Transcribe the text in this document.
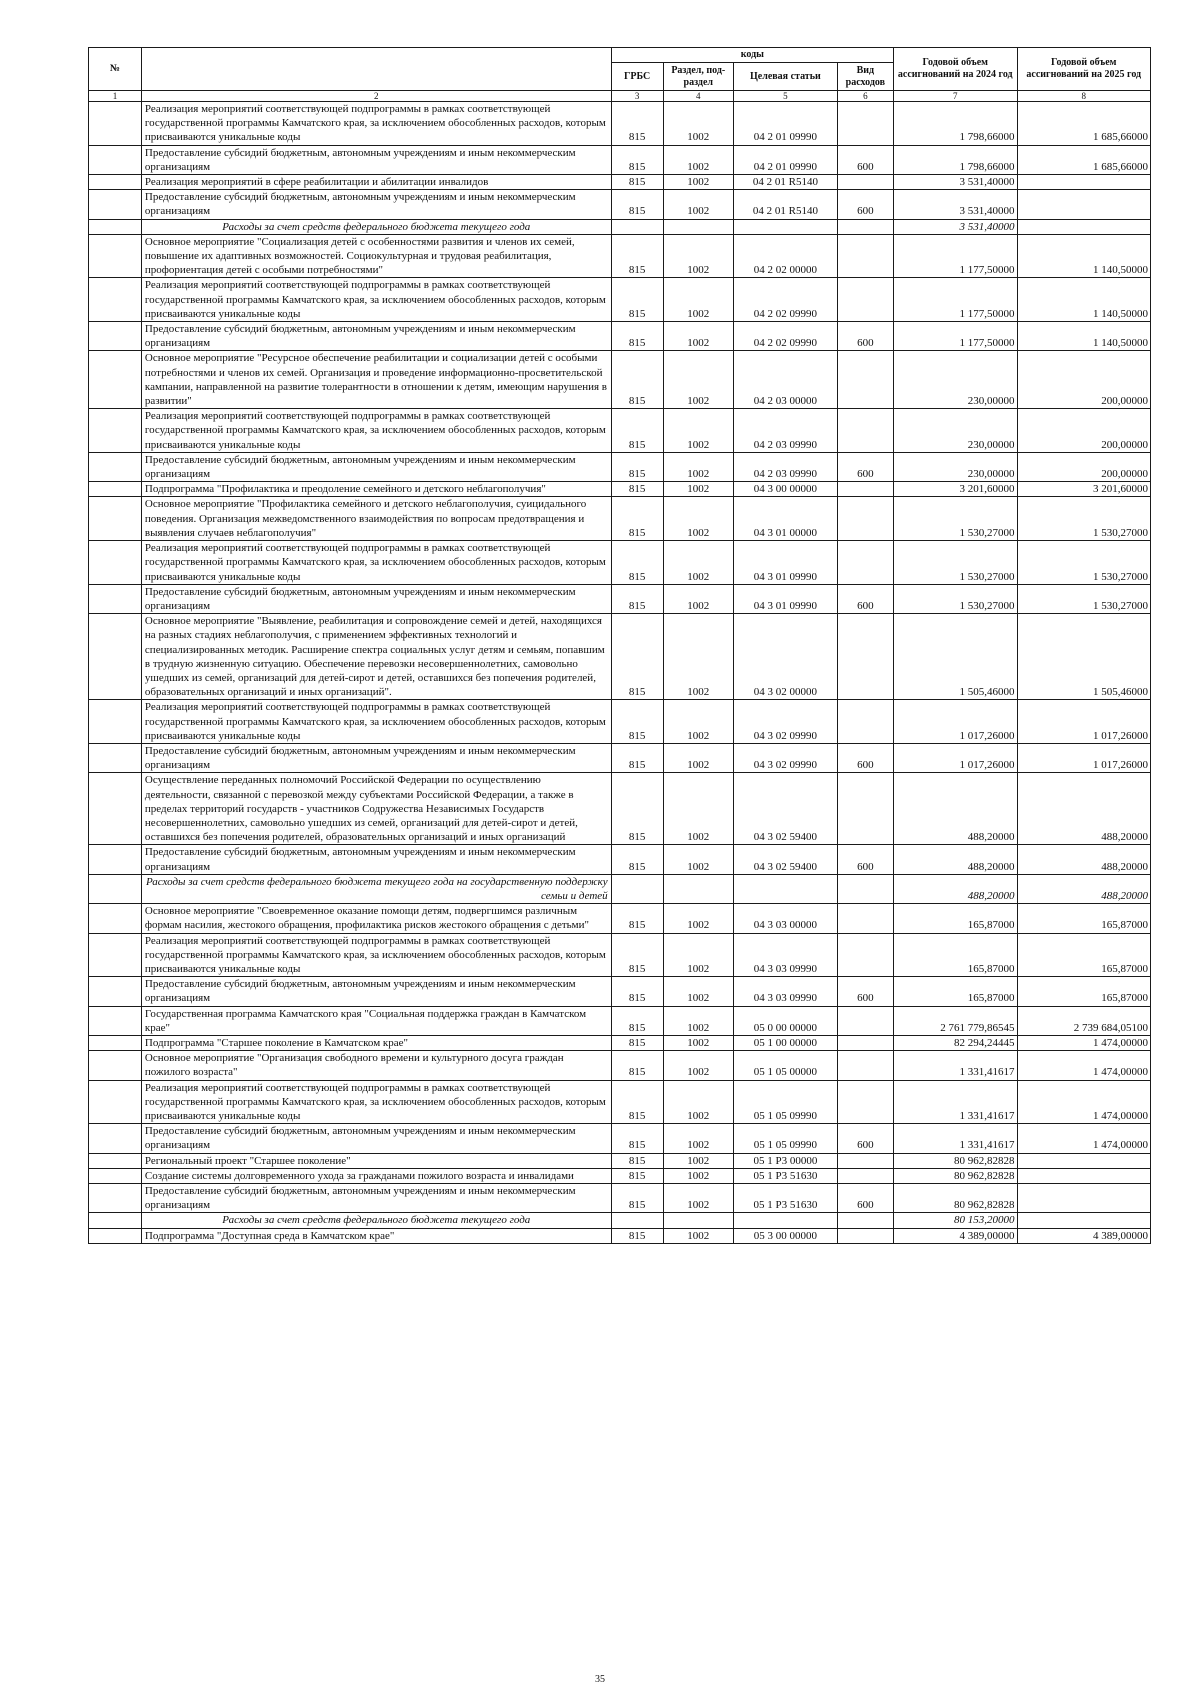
№		коды				Годовой объем ассигнований на 2024 год	Годовой объем ассигнований на 2025 год
		ГРБС	Раздел, под-раздел	Целевая статьи	Вид расходов		
1	2	3	4	5	6	7	8
	Реализация мероприятий соответствующей подпрограммы в рамках соответствующей государственной программы Камчатского края, за исключением обособленных расходов, которым присваиваются уникальные коды	815	1002	04 2 01 09990		1 798,66000	1 685,66000
	Предоставление субсидий бюджетным, автономным учреждениям и иным некоммерческим организациям	815	1002	04 2 01 09990	600	1 798,66000	1 685,66000
	Реализация мероприятий в сфере реабилитации и абилитации инвалидов	815	1002	04 2 01 R5140		3 531,40000	
	Предоставление субсидий бюджетным, автономным учреждениям и иным некоммерческим организациям	815	1002	04 2 01 R5140	600	3 531,40000	
	Расходы за счет средств федерального бюджета текущего года					3 531,40000	
	Основное мероприятие "Социализация детей с особенностями развития и членов их семей, повышение их адаптивных возможностей. Социокультурная и трудовая реабилитация, профориентация детей с особыми потребностями"	815	1002	04 2 02 00000		1 177,50000	1 140,50000
	Реализация мероприятий соответствующей подпрограммы в рамках соответствующей государственной программы Камчатского края, за исключением обособленных расходов, которым присваиваются уникальные коды	815	1002	04 2 02 09990		1 177,50000	1 140,50000
	Предоставление субсидий бюджетным, автономным учреждениям и иным некоммерческим организациям	815	1002	04 2 02 09990	600	1 177,50000	1 140,50000
	Основное мероприятие "Ресурсное обеспечение реабилитации и социализации детей с особыми потребностями и членов их семей. Организация и проведение информационно-просветительской кампании, направленной на развитие толерантности в отношении к детям, имеющим нарушения в развитии"	815	1002	04 2 03 00000		230,00000	200,00000
	Реализация мероприятий соответствующей подпрограммы в рамках соответствующей государственной программы Камчатского края, за исключением обособленных расходов, которым присваиваются уникальные коды	815	1002	04 2 03 09990		230,00000	200,00000
	Предоставление субсидий бюджетным, автономным учреждениям и иным некоммерческим организациям	815	1002	04 2 03 09990	600	230,00000	200,00000
	Подпрограмма "Профилактика и преодоление семейного и детского неблагополучия"	815	1002	04 3 00 00000		3 201,60000	3 201,60000
	Основное мероприятие "Профилактика семейного и детского неблагополучия, суицидального поведения. Организация межведомственного взаимодействия по вопросам предотвращения и выявления случаев неблагополучия"	815	1002	04 3 01 00000		1 530,27000	1 530,27000
	Реализация мероприятий соответствующей подпрограммы в рамках соответствующей государственной программы Камчатского края, за исключением обособленных расходов, которым присваиваются уникальные коды	815	1002	04 3 01 09990		1 530,27000	1 530,27000
	Предоставление субсидий бюджетным, автономным учреждениям и иным некоммерческим организациям	815	1002	04 3 01 09990	600	1 530,27000	1 530,27000
	Основное мероприятие "Выявление, реабилитация и сопровождение семей и детей, находящихся на разных стадиях неблагополучия, с применением эффективных технологий и специализированных методик. Расширение спектра социальных услуг детям и семьям, попавшим в трудную жизненную ситуацию. Обеспечение перевозки несовершеннолетних, самовольно ушедших из семей, организаций для детей-сирот и детей, оставшихся без попечения родителей, образовательных организаций и иных организаций".	815	1002	04 3 02 00000		1 505,46000	1 505,46000
	Реализация мероприятий соответствующей подпрограммы в рамках соответствующей государственной программы Камчатского края, за исключением обособленных расходов, которым присваиваются уникальные коды	815	1002	04 3 02 09990		1 017,26000	1 017,26000
	Предоставление субсидий бюджетным, автономным учреждениям и иным некоммерческим организациям	815	1002	04 3 02 09990	600	1 017,26000	1 017,26000
	Осуществление переданных полномочий Российской Федерации по осуществлению деятельности, связанной с перевозкой между субъектами Российской Федерации, а также в пределах территорий государств - участников Содружества Независимых Государств несовершеннолетних, самовольно ушедших из семей, организаций для детей-сирот и детей, оставшихся без попечения родителей, образовательных организаций и иных организаций	815	1002	04 3 02 59400		488,20000	488,20000
	Предоставление субсидий бюджетным, автономным учреждениям и иным некоммерческим организациям	815	1002	04 3 02 59400	600	488,20000	488,20000
	Расходы за счет средств федерального бюджета текущего года на государственную поддержку семьи и детей					488,20000	488,20000
	Основное мероприятие "Своевременное оказание помощи детям, подвергшимся различным формам насилия, жестокого обращения, профилактика рисков жестокого обращения с детьми"	815	1002	04 3 03 00000		165,87000	165,87000
	Реализация мероприятий соответствующей подпрограммы в рамках соответствующей государственной программы Камчатского края, за исключением обособленных расходов, которым присваиваются уникальные коды	815	1002	04 3 03 09990		165,87000	165,87000
	Предоставление субсидий бюджетным, автономным учреждениям и иным некоммерческим организациям	815	1002	04 3 03 09990	600	165,87000	165,87000
	Государственная программа Камчатского края "Социальная поддержка граждан в Камчатском крае"	815	1002	05 0 00 00000		2 761 779,86545	2 739 684,05100
	Подпрограмма "Старшее поколение в Камчатском крае"	815	1002	05 1 00 00000		82 294,24445	1 474,00000
	Основное мероприятие "Организация свободного времени и культурного досуга граждан пожилого возраста"	815	1002	05 1 05 00000		1 331,41617	1 474,00000
	Реализация мероприятий соответствующей подпрограммы в рамках соответствующей государственной программы Камчатского края, за исключением обособленных расходов, которым присваиваются уникальные коды	815	1002	05 1 05 09990		1 331,41617	1 474,00000
	Предоставление субсидий бюджетным, автономным учреждениям и иным некоммерческим организациям	815	1002	05 1 05 09990	600	1 331,41617	1 474,00000
	Региональный проект "Старшее поколение"	815	1002	05 1 P3 00000		80 962,82828	
	Создание системы долговременного ухода за гражданами пожилого возраста и инвалидами	815	1002	05 1 P3 51630		80 962,82828	
	Предоставление субсидий бюджетным, автономным учреждениям и иным некоммерческим организациям	815	1002	05 1 P3 51630	600	80 962,82828	
	Расходы за счет средств федерального бюджета текущего года					80 153,20000	
	Подпрограмма "Доступная среда в Камчатском крае"	815	1002	05 3 00 00000		4 389,00000	4 389,00000
35
